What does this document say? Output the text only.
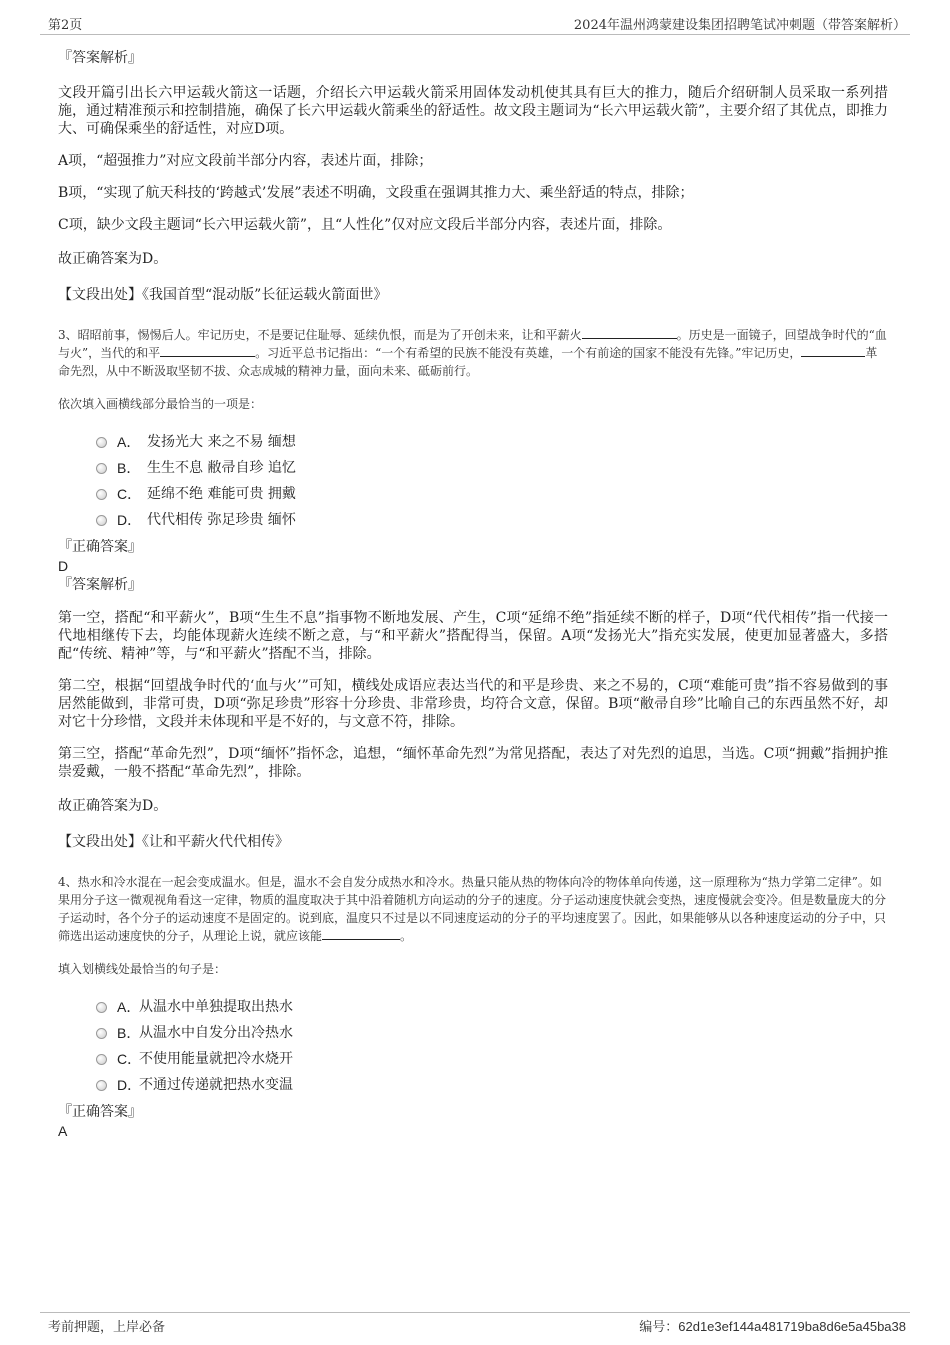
第2页	2024年温州鸿蒙建设集团招聘笔试冲刺题（带答案解析）

『答案解析』

文段开篇引出长六甲运载火箭这一话题，介绍长六甲运载火箭采用固体发动机使其具有巨大的推力，随后介绍研制人员采取一系列措施，通过精准预示和控制措施，确保了长六甲运载火箭乘坐的舒适性。故文段主题词为“长六甲运载火箭”，主要介绍了其优点，即推力大、可确保乘坐的舒适性，对应D项。

A项，“超强推力”对应文段前半部分内容，表述片面，排除；

B项，“实现了航天科技的‘跨越式’发展”表述不明确，文段重在强调其推力大、乘坐舒适的特点，排除；

C项，缺少文段主题词“长六甲运载火箭”，且“人性化”仅对应文段后半部分内容，表述片面，排除。

故正确答案为D。

【文段出处】《我国首型“混动版”长征运载火箭面世》

3、昭昭前事，惕惕后人。牢记历史，不是要记住耻辱、延续仇恨，而是为了开创未来，让和平薪火	。历史是一面镜子，回望战争时代的“血与火”，当代的和平	。习近平总书记指出：“一个有希望的民族不能没有英雄，一个有前途的国家不能没有先锋。”牢记历史，	革命先烈，从中不断汲取坚韧不拔、众志成城的精神力量，面向未来、砥砺前行。

依次填入画横线部分最恰当的一项是：

A． 发扬光大 来之不易 缅想
B． 生生不息 敝帚自珍 追忆
C． 延绵不绝 难能可贵 拥戴
D． 代代相传 弥足珍贵 缅怀

『正确答案』

D

『答案解析』

第一空，搭配“和平薪火”，B项“生生不息”指事物不断地发展、产生，C项“延绵不绝”指延续不断的样子，D项“代代相传”指一代接一代地相继传下去，均能体现薪火连续不断之意，与“和平薪火”搭配得当，保留。A项“发扬光大”指充实发展，使更加显著盛大，多搭配“传统、精神”等，与“和平薪火”搭配不当，排除。

第二空，根据“回望战争时代的‘血与火’”可知，横线处成语应表达当代的和平是珍贵、来之不易的，C项“难能可贵”指不容易做到的事居然能做到，非常可贵，D项“弥足珍贵”形容十分珍贵、非常珍贵，均符合文意，保留。B项“敝帚自珍”比喻自己的东西虽然不好，却对它十分珍惜，文段并未体现和平是不好的，与文意不符，排除。

第三空，搭配“革命先烈”，D项“缅怀”指怀念，追想，“缅怀革命先烈”为常见搭配，表达了对先烈的追思，当选。C项“拥戴”指拥护推崇爱戴，一般不搭配“革命先烈”，排除。

故正确答案为D。

【文段出处】《让和平薪火代代相传》

4、热水和冷水混在一起会变成温水。但是，温水不会自发分成热水和冷水。热量只能从热的物体向冷的物体单向传递，这一原理称为“热力学第二定律”。如果用分子这一微观视角看这一定律，物质的温度取决于其中沿着随机方向运动的分子的速度。分子运动速度快就会变热，速度慢就会变冷。但是数量庞大的分子运动时，各个分子的运动速度不是固定的。说到底，温度只不过是以不同速度运动的分子的平均速度罢了。因此，如果能够从以各种速度运动的分子中，只筛选出运动速度快的分子，从理论上说，就应该能	。

填入划横线处最恰当的句子是：

A．
从温水中单独提取出热水
B．
从温水中自发分出冷热水
C．
不使用能量就把冷水烧开
D．
不通过传递就把热水变温

『正确答案』

A

考前押题，上岸必备	编号：62d1e3ef144a481719ba8d6e5a45ba38
